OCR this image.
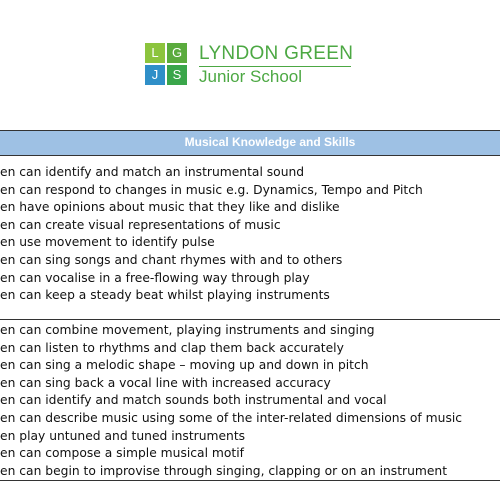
L	G
J	S
LYNDON GREEN
Junior School
Musical Knowledge and Skills
en can identify and match an instrumental sound
en can respond to changes in music e.g. Dynamics, Tempo and Pitch
en have opinions about music that they like and dislike
en can create visual representations of music
en use movement to identify pulse
en can sing songs and chant rhymes with and to others
en can vocalise in a free-flowing way through play
en can keep a steady beat whilst playing instruments
en can combine movement, playing instruments and singing
en can listen to rhythms and clap them back accurately
en can sing a melodic shape – moving up and down in pitch
en can sing back a vocal line with increased accuracy
en can identify and match sounds both instrumental and vocal
en can describe music using some of the inter-related dimensions of music
en play untuned and tuned instruments
en can compose a simple musical motif
en can begin to improvise through singing, clapping or on an instrument
